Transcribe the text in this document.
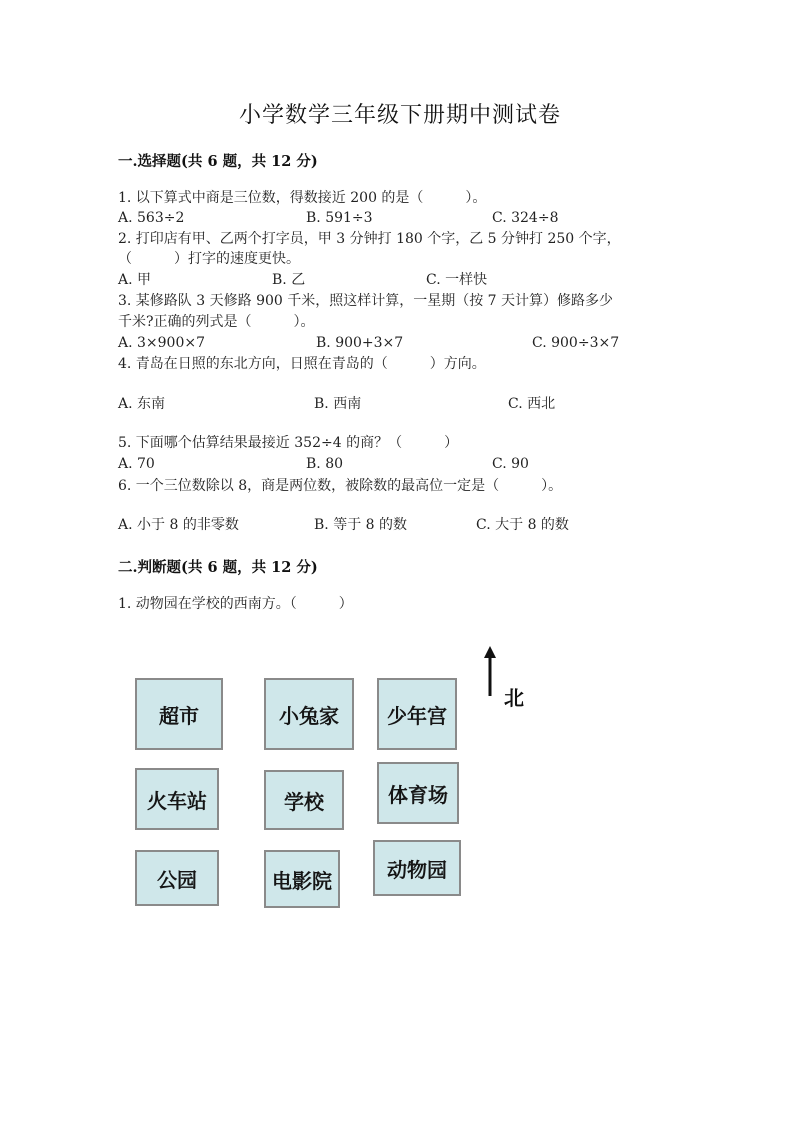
小学数学三年级下册期中测试卷
一.选择题(共 6 题，共 12 分)
1. 以下算式中商是三位数，得数接近 200 的是（　　　）。
A. 563÷2	B. 591÷3	C. 324÷8
2. 打印店有甲、乙两个打字员，甲 3 分钟打 180 个字，乙 5 分钟打 250 个字，
（　　　）打字的速度更快。
A. 甲	B. 乙	C. 一样快
3. 某修路队 3 天修路 900 千米，照这样计算，一星期（按 7 天计算）修路多少
千米?正确的列式是（　　　）。
A. 3×900×7	B. 900+3×7	C. 900÷3×7
4. 青岛在日照的东北方向，日照在青岛的（　　　）方向。
A. 东南	B. 西南	C. 西北
5. 下面哪个估算结果最接近 352÷4 的商？（　　　）
A. 70	B. 80	C. 90
6. 一个三位数除以 8，商是两位数，被除数的最高位一定是（　　　）。
A. 小于 8 的非零数	B. 等于 8 的数	C. 大于 8 的数
二.判断题(共 6 题，共 12 分)
1. 动物园在学校的西南方。（　　　）
超市	小兔家	少年宫
火车站	学校	体育场
公园	电影院	动物园
北
